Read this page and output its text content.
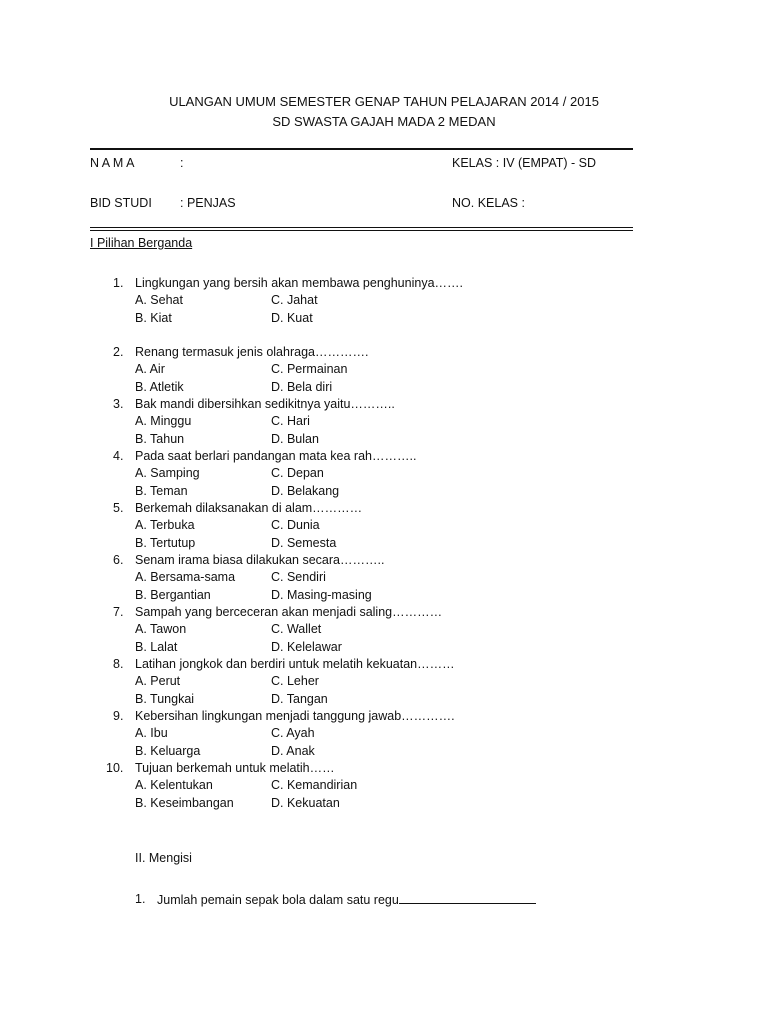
ULANGAN UMUM SEMESTER GENAP TAHUN PELAJARAN 2014 / 2015
SD SWASTA GAJAH MADA 2 MEDAN
N A M A	:	KELAS : IV (EMPAT) - SD
BID STUDI : PENJAS	NO. KELAS :
I Pilihan Berganda
1. Lingkungan yang bersih akan membawa penghuninya…….
A. Sehat	C. Jahat
B. Kiat	D. Kuat
2. Renang termasuk jenis olahraga………….
A. Air	C. Permainan
B. Atletik	D. Bela diri
3. Bak mandi dibersihkan sedikitnya yaitu………..
A. Minggu	C. Hari
B. Tahun	D. Bulan
4. Pada saat berlari pandangan mata kea rah………..
A. Samping	C. Depan
B. Teman	D. Belakang
5. Berkemah dilaksanakan di alam…………
A. Terbuka	C. Dunia
B. Tertutup	D. Semesta
6. Senam irama biasa dilakukan secara………..
A. Bersama-sama	C. Sendiri
B. Bergantian	D. Masing-masing
7. Sampah yang berceceran akan menjadi saling…………
A. Tawon	C. Wallet
B. Lalat	D. Kelelawar
8. Latihan jongkok dan berdiri untuk melatih kekuatan………
A. Perut	C. Leher
B. Tungkai	D. Tangan
9. Kebersihan lingkungan menjadi tanggung jawab………….
A. Ibu	C. Ayah
B. Keluarga	D. Anak
10. Tujuan berkemah untuk melatih……
A. Kelentukan	C. Kemandirian
B. Keseimbangan	D. Kekuatan
II. Mengisi
1. Jumlah pemain sepak bola dalam satu regu
